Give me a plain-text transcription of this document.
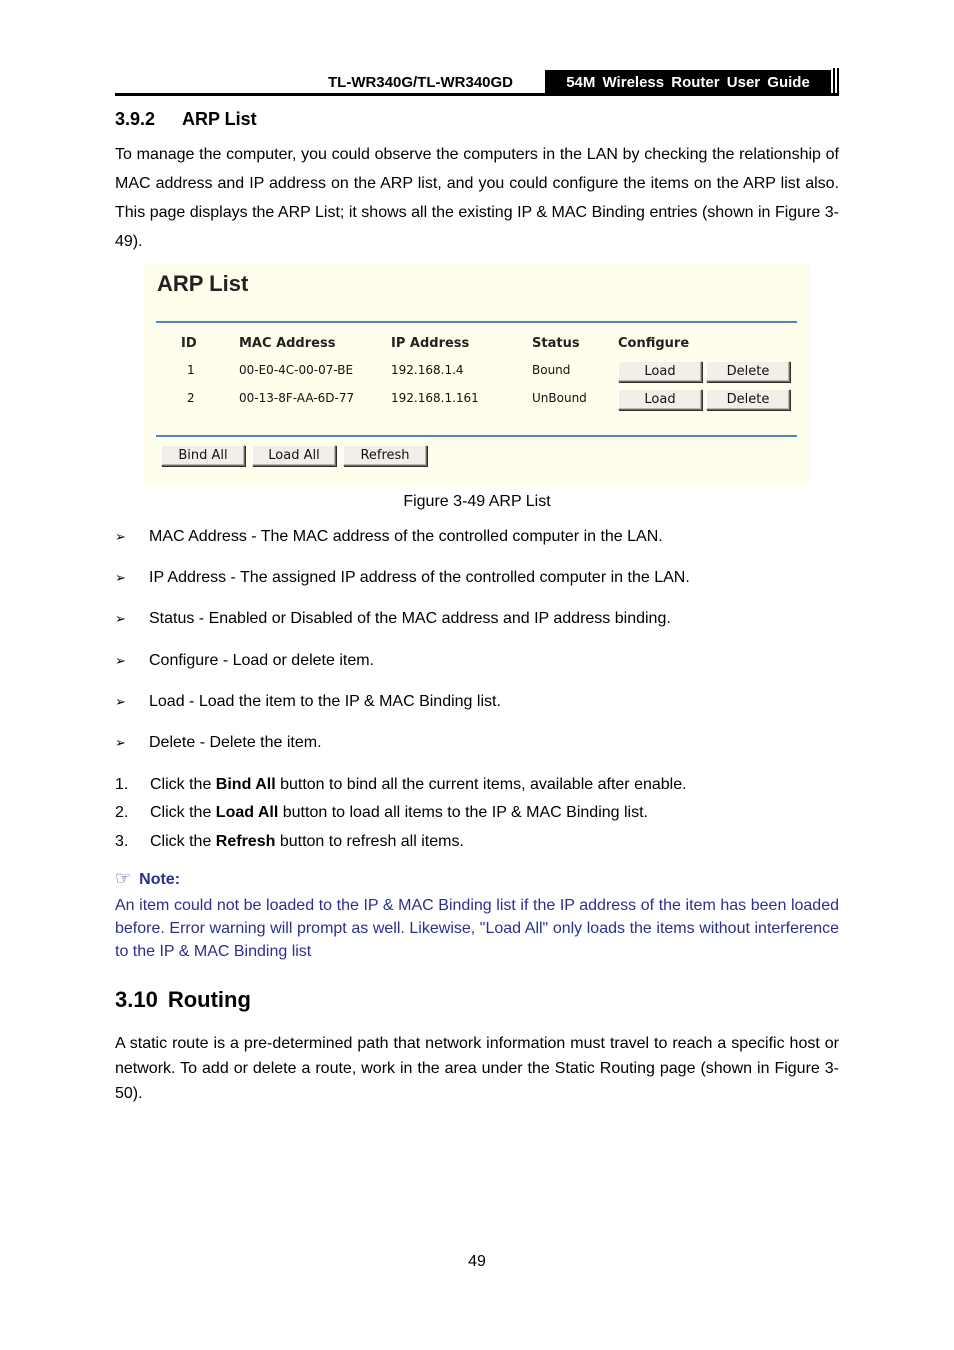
TL-WR340G/TL-WR340GD	54M Wireless Router User Guide
3.9.2 ARP List

To manage the computer, you could observe the computers in the LAN by checking the relationship of MAC address and IP address on the ARP list, and you could configure the items on the ARP list also. This page displays the ARP List; it shows all the existing IP & MAC Binding entries (shown in Figure 3-49).

ARP List
ID	MAC Address	IP Address	Status	Configure
1	00-E0-4C-00-07-BE	192.168.1.4	Bound	Load	Delete
2	00-13-8F-AA-6D-77	192.168.1.161	UnBound	Load	Delete
Bind All	Load All	Refresh
Figure 3-49 ARP List
➢ MAC Address - The MAC address of the controlled computer in the LAN.
➢ IP Address - The assigned IP address of the controlled computer in the LAN.
➢ Status - Enabled or Disabled of the MAC address and IP address binding.
➢ Configure - Load or delete item.
➢ Load - Load the item to the IP & MAC Binding list.
➢ Delete - Delete the item.
1. Click the Bind All button to bind all the current items, available after enable.
2. Click the Load All button to load all items to the IP & MAC Binding list.
3. Click the Refresh button to refresh all items.
☞ Note:

An item could not be loaded to the IP & MAC Binding list if the IP address of the item has been loaded before. Error warning will prompt as well. Likewise, "Load All" only loads the items without interference to the IP & MAC Binding list

3.10 Routing

A static route is a pre-determined path that network information must travel to reach a specific host or network. To add or delete a route, work in the area under the Static Routing page (shown in Figure 3-50).

49
